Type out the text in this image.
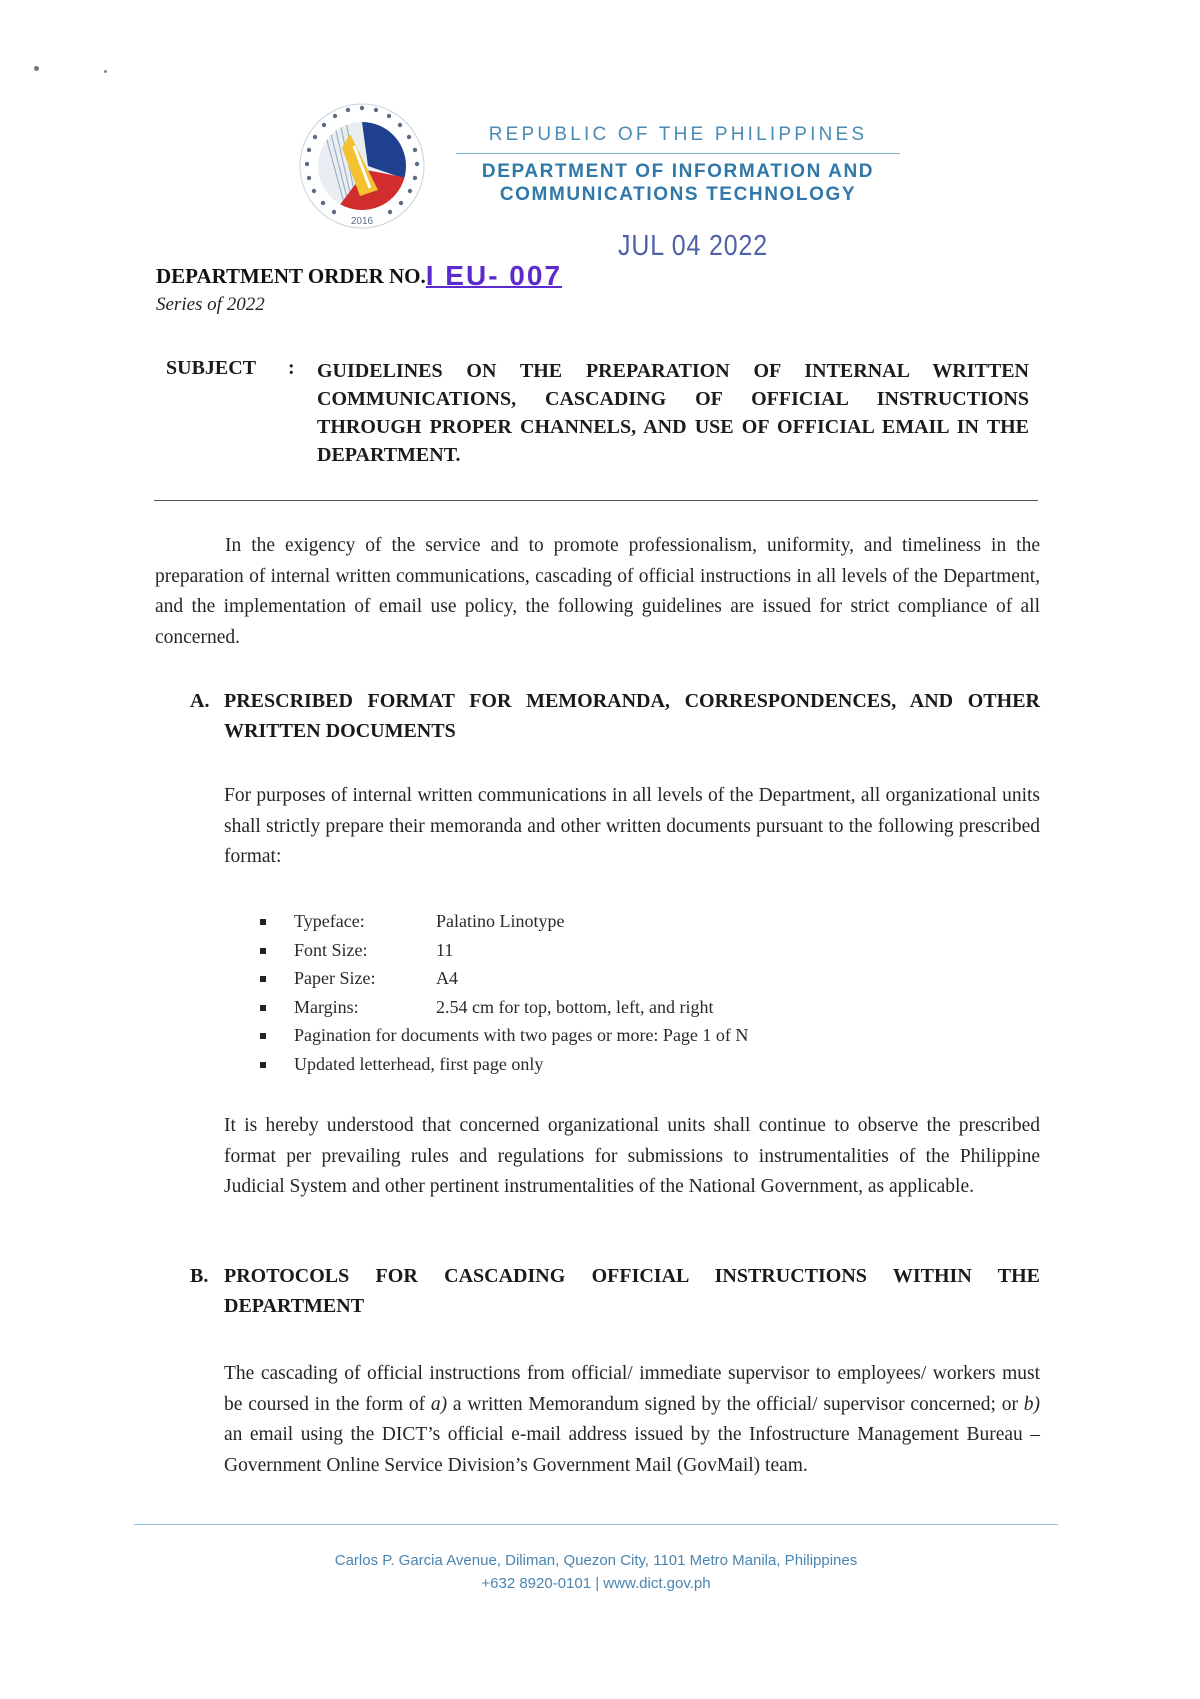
2016
REPUBLIC OF THE PHILIPPINES
DEPARTMENT OF INFORMATION AND
COMMUNICATIONS TECHNOLOGY
JUL 04 2022
DEPARTMENT ORDER NO.I EU- 007
Series of 2022
SUBJECT : GUIDELINES ON THE PREPARATION OF INTERNAL WRITTEN COMMUNICATIONS, CASCADING OF OFFICIAL INSTRUCTIONS THROUGH PROPER CHANNELS, AND USE OF OFFICIAL EMAIL IN THE DEPARTMENT.
In the exigency of the service and to promote professionalism, uniformity, and timeliness in the preparation of internal written communications, cascading of official instructions in all levels of the Department, and the implementation of email use policy, the following guidelines are issued for strict compliance of all concerned.
A. PRESCRIBED FORMAT FOR MEMORANDA, CORRESPONDENCES, AND OTHER WRITTEN DOCUMENTS
For purposes of internal written communications in all levels of the Department, all organizational units shall strictly prepare their memoranda and other written documents pursuant to the following prescribed format:
Typeface:	Palatino Linotype
Font Size:	11
Paper Size:	A4
Margins:	2.54 cm for top, bottom, left, and right
Pagination for documents with two pages or more: Page 1 of N
Updated letterhead, first page only
It is hereby understood that concerned organizational units shall continue to observe the prescribed format per prevailing rules and regulations for submissions to instrumentalities of the Philippine Judicial System and other pertinent instrumentalities of the National Government, as applicable.
B. PROTOCOLS FOR CASCADING OFFICIAL INSTRUCTIONS WITHIN THE DEPARTMENT
The cascading of official instructions from official/ immediate supervisor to employees/ workers must be coursed in the form of a) a written Memorandum signed by the official/ supervisor concerned; or b) an email using the DICT’s official e-mail address issued by the Infostructure Management Bureau – Government Online Service Division’s Government Mail (GovMail) team.
Carlos P. Garcia Avenue, Diliman, Quezon City, 1101 Metro Manila, Philippines
+632 8920-0101 | www.dict.gov.ph
